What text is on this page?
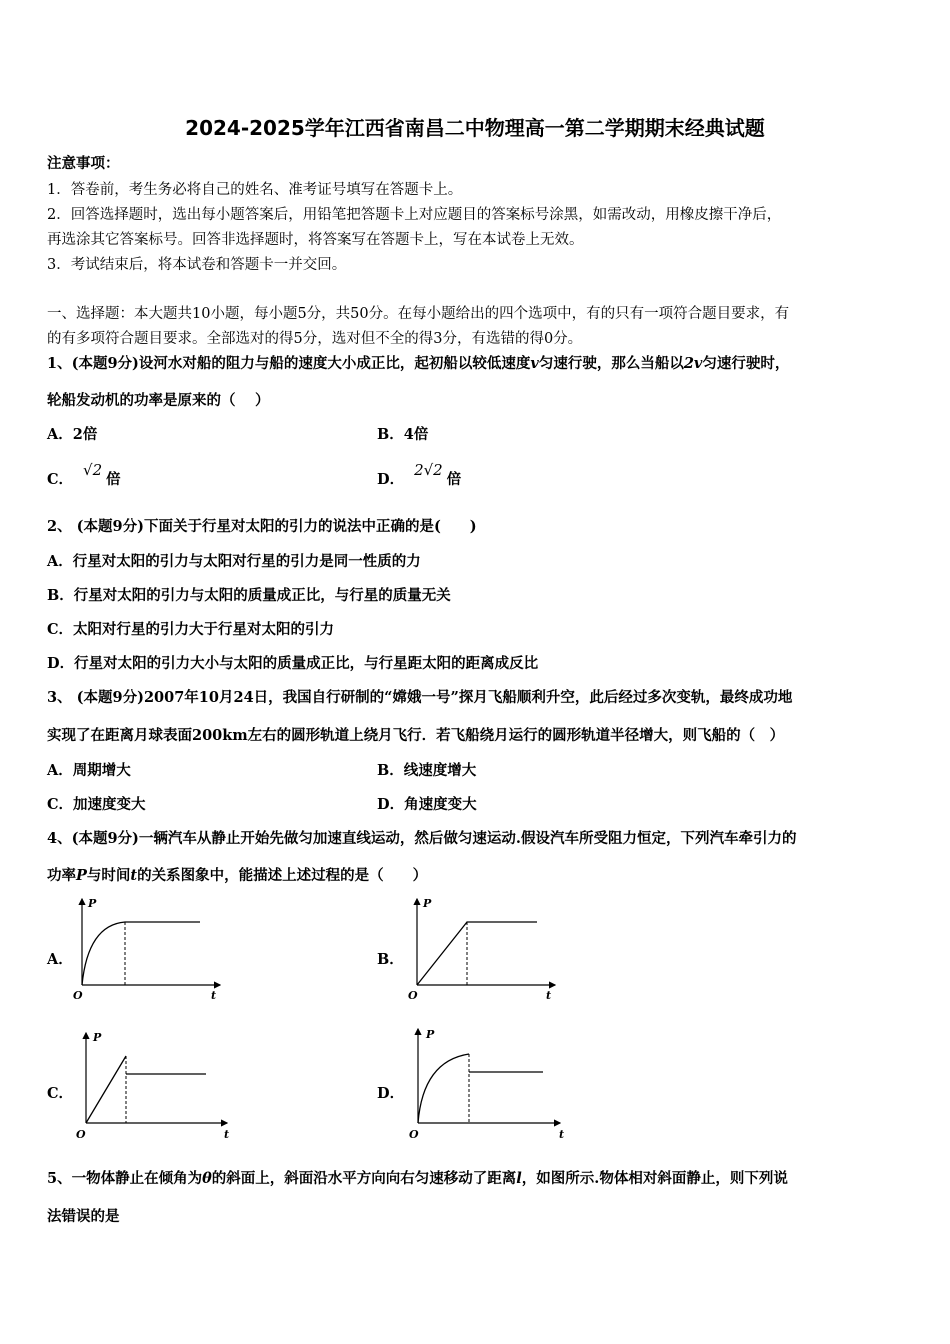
2024-2025学年江西省南昌二中物理高一第二学期期末经典试题
注意事项：
1．答卷前，考生务必将自己的姓名、准考证号填写在答题卡上。
2．回答选择题时，选出每小题答案后，用铅笔把答题卡上对应题目的答案标号涂黑，如需改动，用橡皮擦干净后，
再选涂其它答案标号。回答非选择题时，将答案写在答题卡上，写在本试卷上无效。
3．考试结束后，将本试卷和答题卡一并交回。
一、选择题：本大题共10小题，每小题5分，共50分。在每小题给出的四个选项中，有的只有一项符合题目要求，有
的有多项符合题目要求。全部选对的得5分，选对但不全的得3分，有选错的得0分。
1、(本题9分)设河水对船的阻力与船的速度大小成正比，起初船以较低速度v匀速行驶，那么当船以2v匀速行驶时，
轮船发动机的功率是原来的（　 ）
A．2倍	B．4倍
C．√2倍	D．2√2倍
2、 (本题9分)下面关于行星对太阳的引力的说法中正确的是(　　)
A．行星对太阳的引力与太阳对行星的引力是同一性质的力
B．行星对太阳的引力与太阳的质量成正比，与行星的质量无关
C．太阳对行星的引力大于行星对太阳的引力
D．行星对太阳的引力大小与太阳的质量成正比，与行星距太阳的距离成反比
3、 (本题9分)2007年10月24日，我国自行研制的“嫦娥一号”探月飞船顺利升空，此后经过多次变轨，最终成功地
实现了在距离月球表面200km左右的圆形轨道上绕月飞行．若飞船绕月运行的圆形轨道半径增大，则飞船的（　）
A．周期增大	B．线速度增大
C．加速度变大	D．角速度变大
4、(本题9分)一辆汽车从静止开始先做匀加速直线运动，然后做匀速运动.假设汽车所受阻力恒定，下列汽车牵引力的
功率P与时间t的关系图象中，能描述上述过程的是（　　）
A．	B．
C．	D．
P
O	t
P
O	t
P
O	t
P
O	t
5、一物体静止在倾角为θ的斜面上，斜面沿水平方向向右匀速移动了距离l，如图所示.物体相对斜面静止，则下列说
法错误的是
